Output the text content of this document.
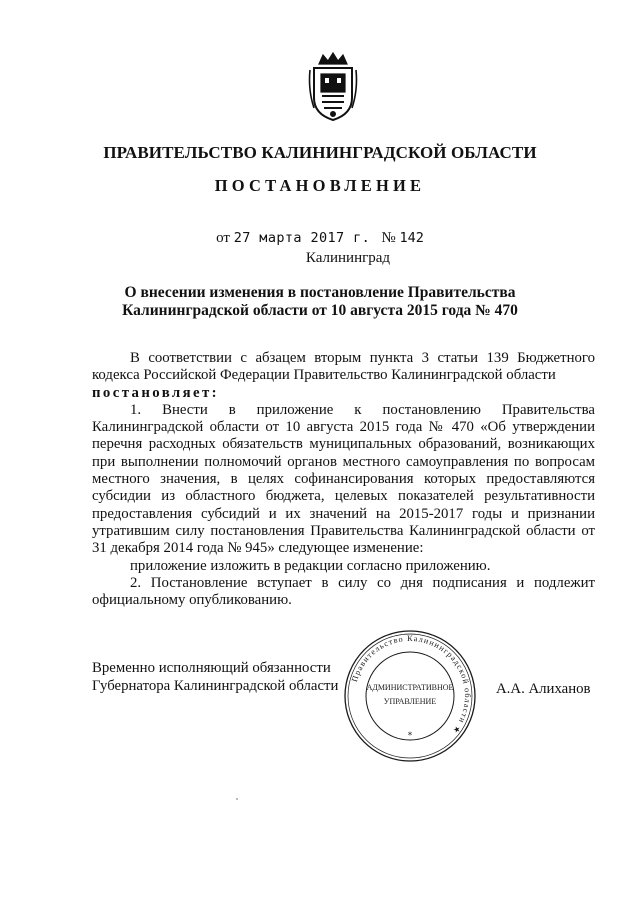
ПРАВИТЕЛЬСТВО КАЛИНИНГРАДСКОЙ ОБЛАСТИ
ПОСТАНОВЛЕНИЕ
от 27 марта 2017 г. № 142
Калининград
О внесении изменения в постановление Правительства
Калининградской области от 10 августа 2015 года № 470

В соответствии с абзацем вторым пункта 3 статьи 139 Бюджетного кодекса Российской Федерации Правительство Калининградской области

постановляет:

1. Внести в приложение к постановлению Правительства Калининградской области от 10 августа 2015 года № 470 «Об утверждении перечня расходных обязательств муниципальных образований, возникающих при выполнении полномочий органов местного самоуправления по вопросам местного значения, в целях софинансирования которых предоставляются субсидии из областного бюджета, целевых показателей результативности предоставления субсидий и их значений на 2015-2017 годы и признании утратившим силу постановления Правительства Калининградской области от 31 декабря 2014 года № 945» следующее изменение:

приложение изложить в редакции согласно приложению.

2. Постановление вступает в силу со дня подписания и подлежит официальному опубликованию.

Временно исполняющий обязанности
Губернатора Калининградской области	А.А. Алиханов
Правительство Калининградской области ★
АДМИНИСТРАТИВНОЕ
УПРАВЛЕНИЕ
*
